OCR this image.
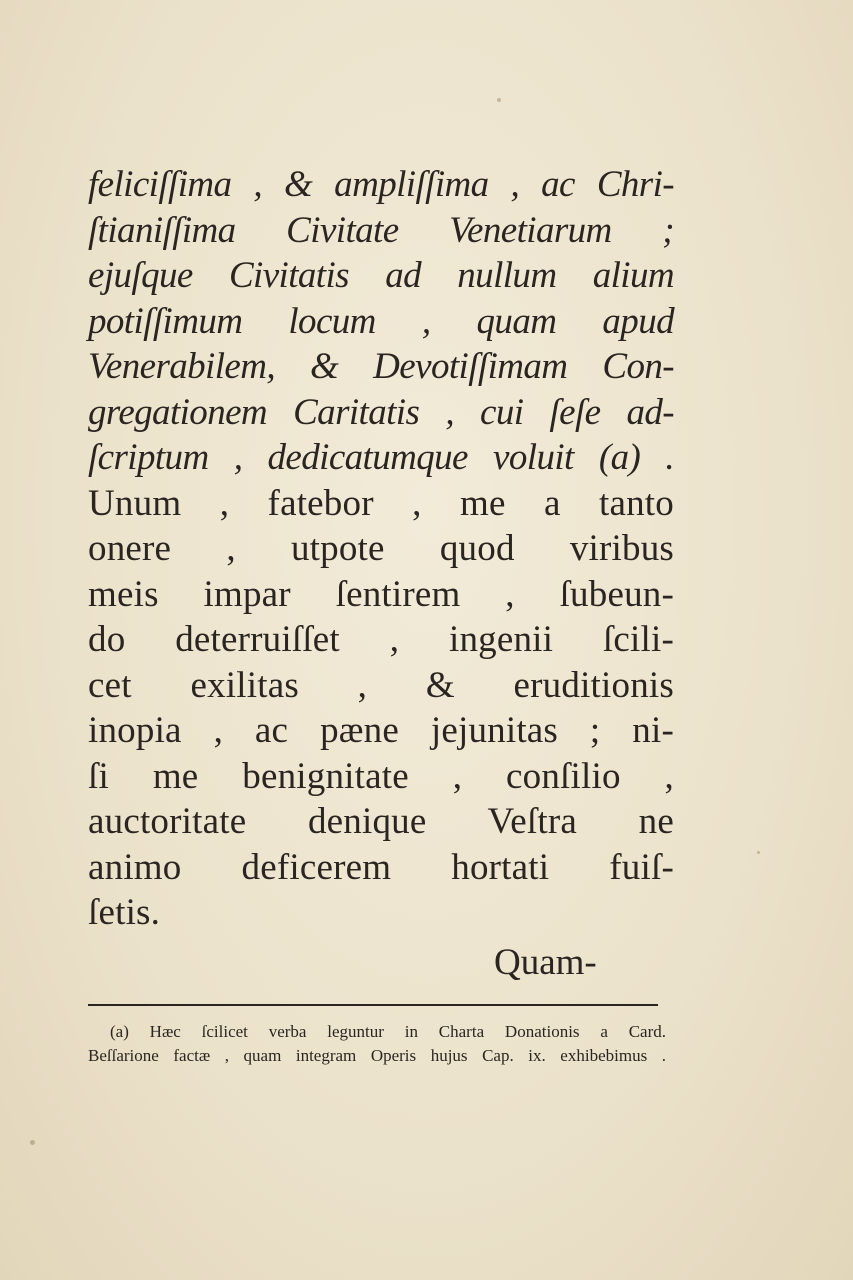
feliciſſima , & ampliſſima , ac Chri-
ſtianiſſima Civitate Venetiarum ;
ejuſque Civitatis ad nullum alium
potiſſimum locum , quam apud
Venerabilem, & Devotiſſimam Con-
gregationem Caritatis , cui ſeſe ad-
ſcriptum , dedicatumque voluit (a) .
Unum , fatebor , me a tanto
onere , utpote quod viribus
meis impar ſentirem , ſubeun-
do deterruiſſet , ingenii ſcili-
cet exilitas , & eruditionis
inopia , ac pæne jejunitas ; ni-
ſi me benignitate , conſilio ,
auctoritate denique Veſtra ne
animo deficerem hortati fuiſ-
ſetis.
Quam-
(a) Hæc ſcilicet verba leguntur in Charta Donationis a Card.
Beſſarione factæ , quam integram Operis hujus Cap. ix. exhibebimus .
